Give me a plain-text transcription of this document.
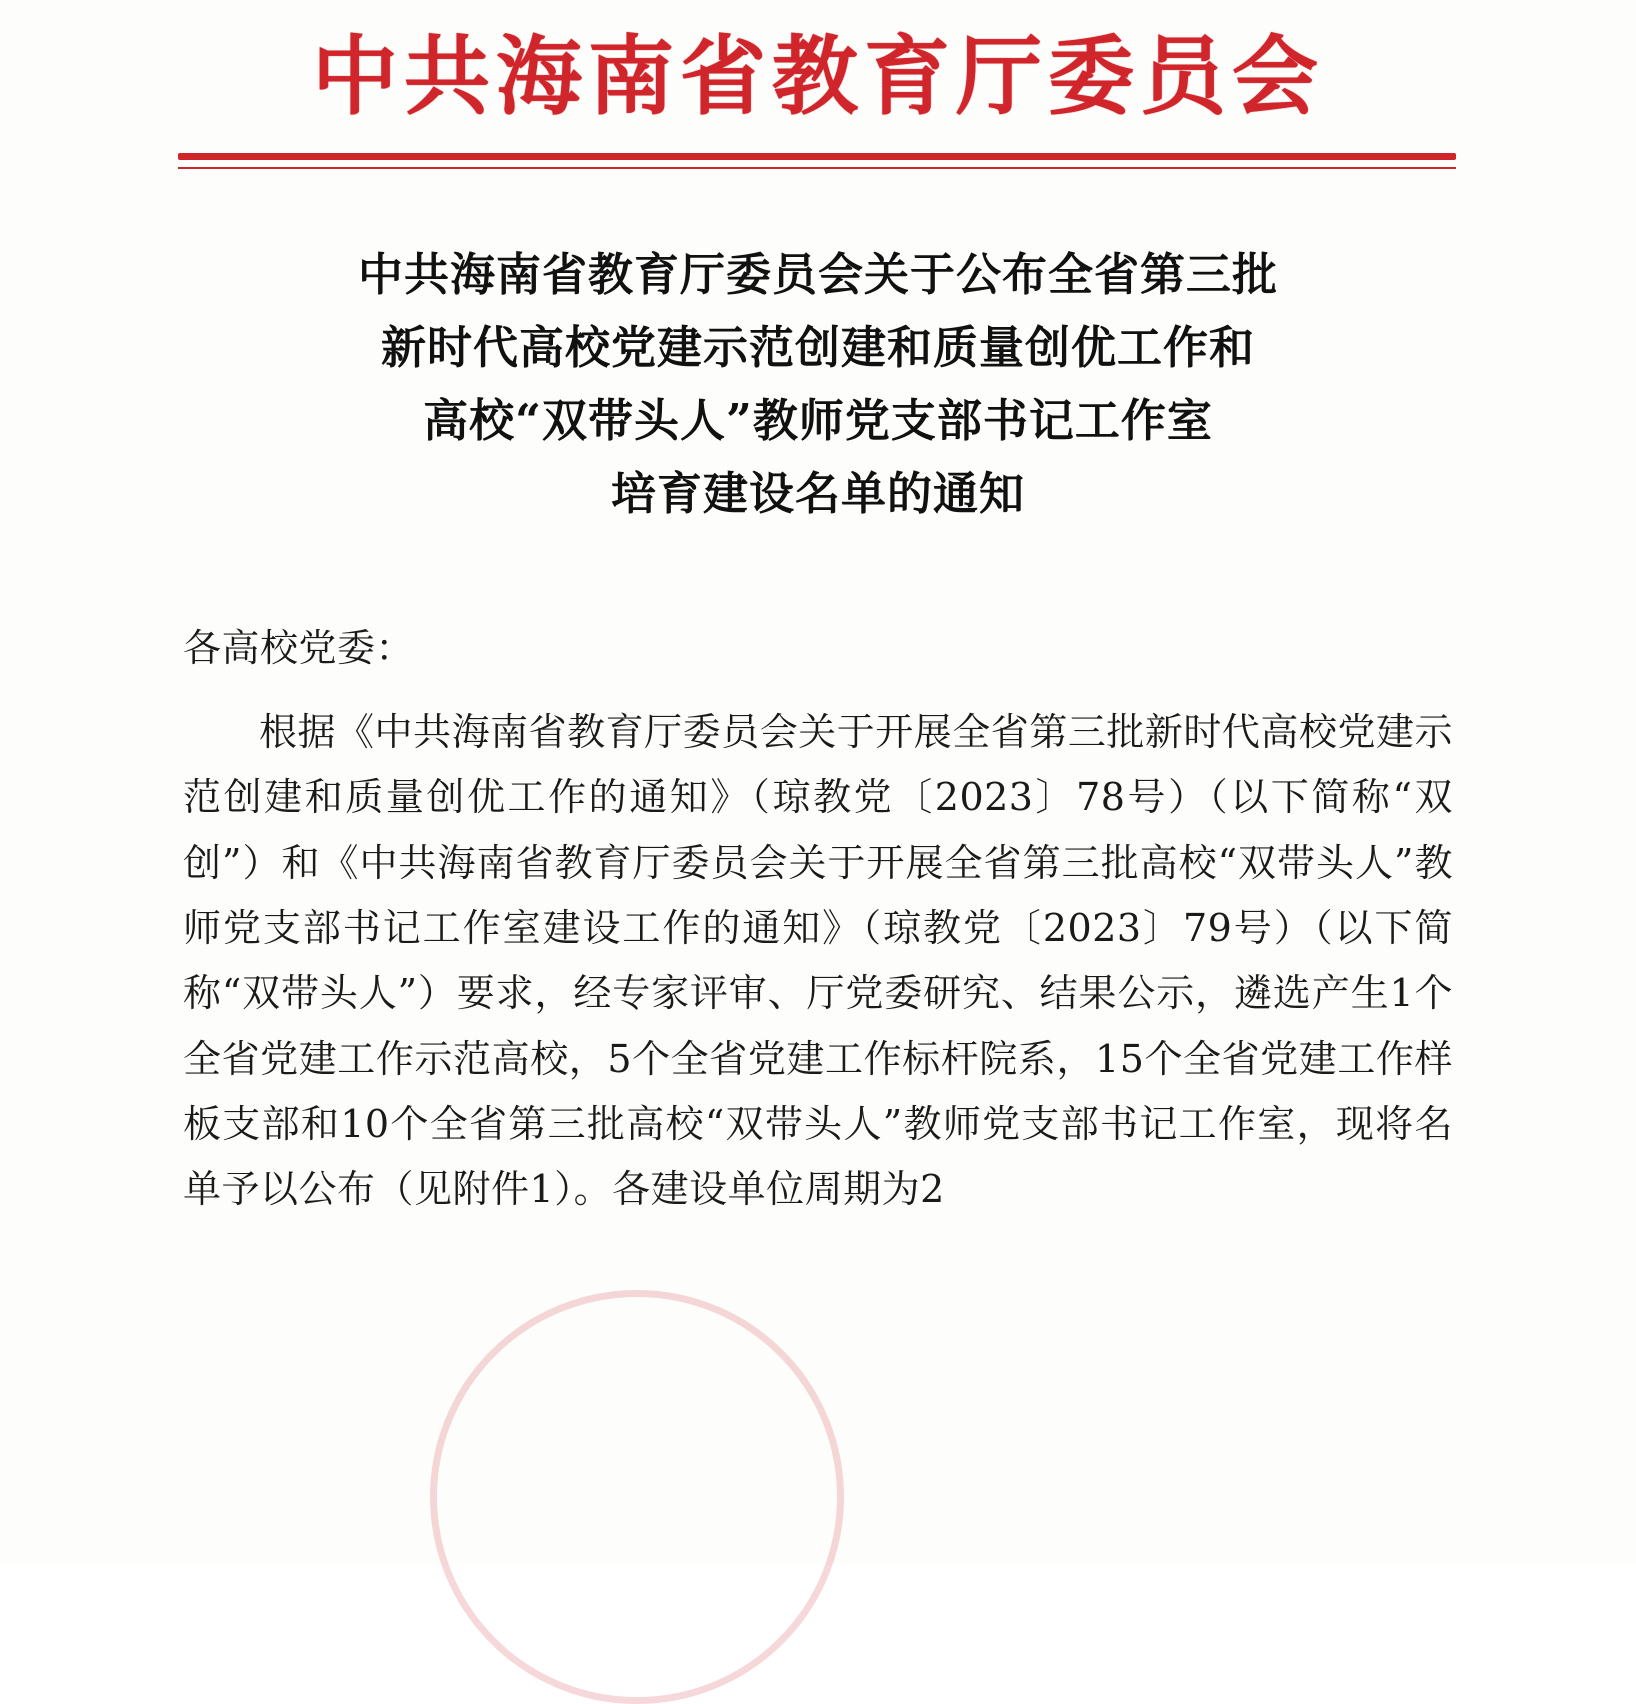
中共海南省教育厅委员会
中共海南省教育厅委员会关于公布全省第三批
新时代高校党建示范创建和质量创优工作和
高校“双带头人”教师党支部书记工作室
培育建设名单的通知
各高校党委：
根据《中共海南省教育厅委员会关于开展全省第三批新时代高校党建示范创建和质量创优工作的通知》（琼教党〔2023〕78号）（以下简称“双创”）和《中共海南省教育厅委员会关于开展全省第三批高校“双带头人”教师党支部书记工作室建设工作的通知》（琼教党〔2023〕79号）（以下简称“双带头人”）要求，经专家评审、厅党委研究、结果公示，遴选产生1个全省党建工作示范高校，5个全省党建工作标杆院系，15个全省党建工作样板支部和10个全省第三批高校“双带头人”教师党支部书记工作室，现将名单予以公布（见附件1）。各建设单位周期为2
